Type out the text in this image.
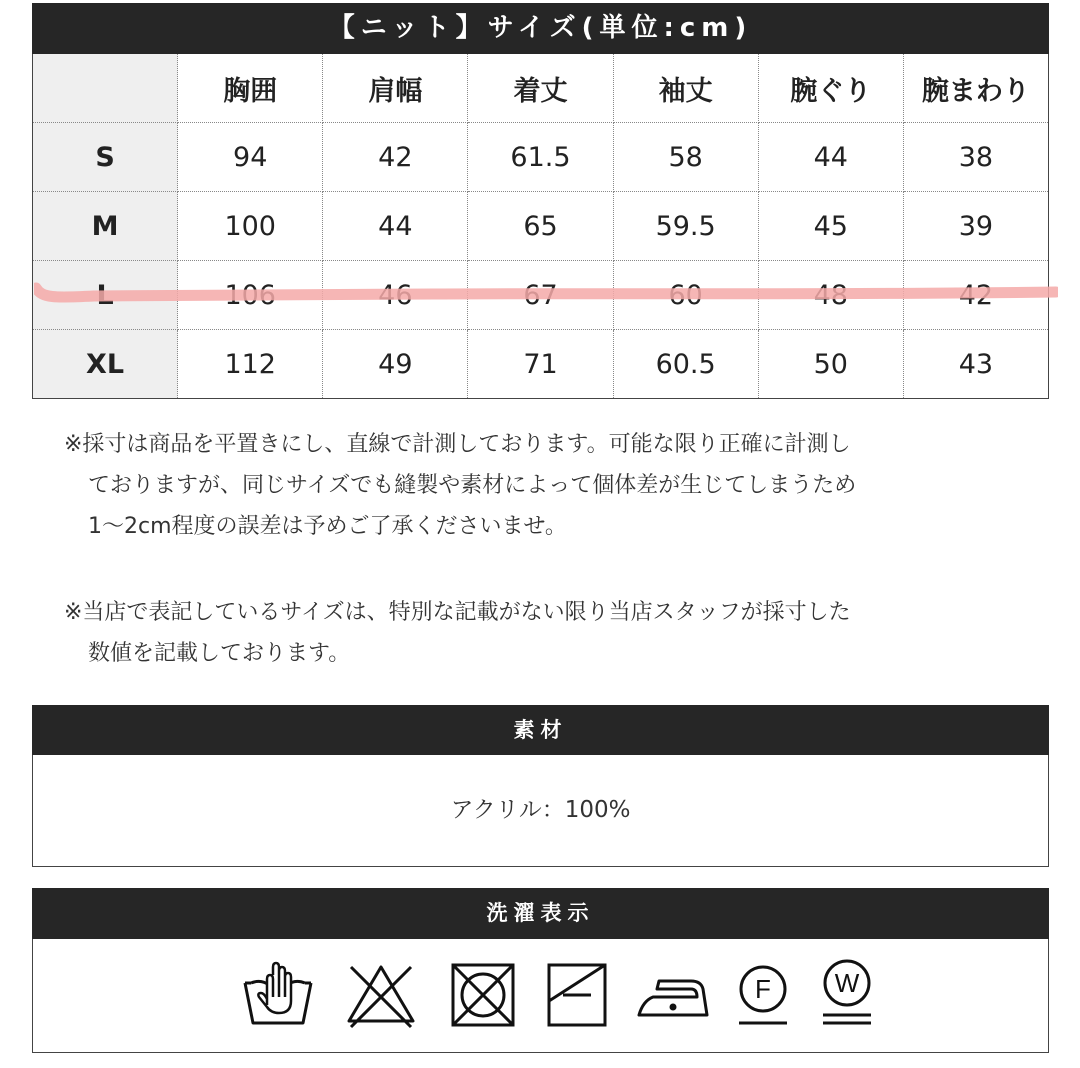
【ニット】サイズ(単位:cm)
	胸囲	肩幅	着丈	袖丈	腕ぐり	腕まわり
S	94	42	61.5	58	44	38
M	100	44	65	59.5	45	39
L	106	46	67	60	48	42
XL	112	49	71	60.5	50	43
※採寸は商品を平置きにし、直線で計測しております。可能な限り正確に計測し
ておりますが、同じサイズでも縫製や素材によって個体差が生じてしまうため
1～2cm程度の誤差は予めご了承くださいませ。
※当店で表記しているサイズは、特別な記載がない限り当店スタッフが採寸した
数値を記載しております。
素材
アクリル：100%
洗濯表示
F W
